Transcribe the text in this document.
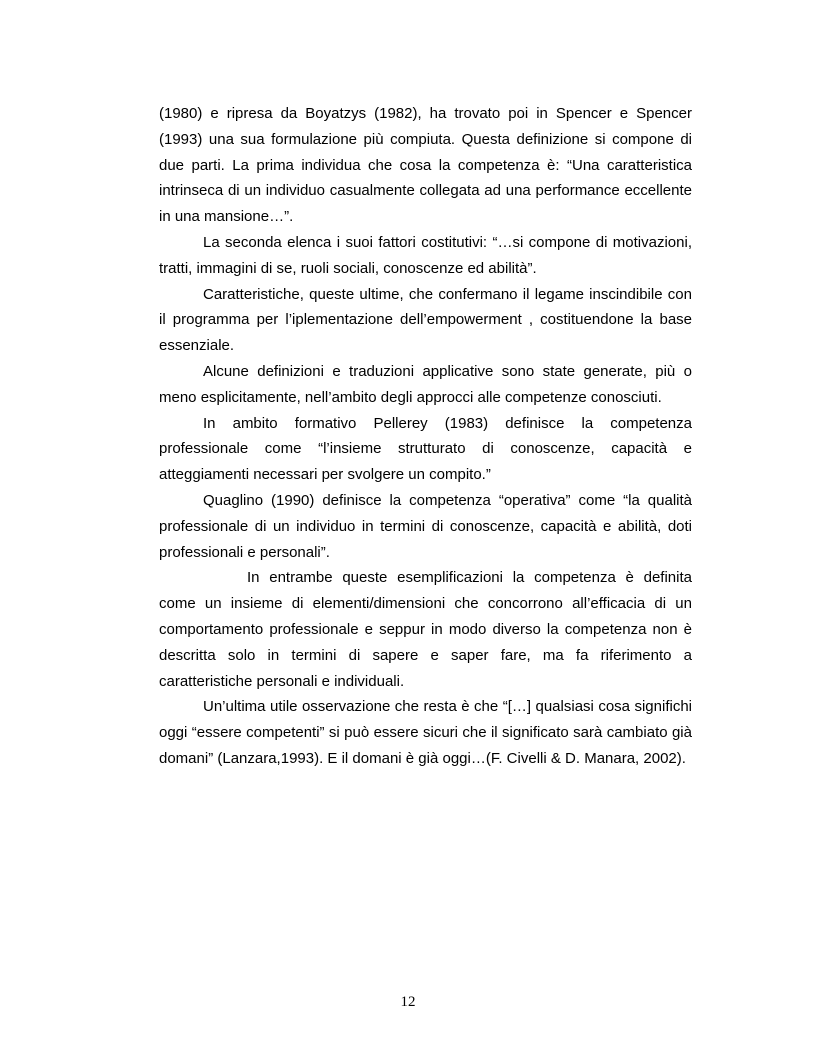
(1980) e ripresa da Boyatzys (1982), ha trovato poi in Spencer e Spencer (1993) una sua formulazione più compiuta. Questa definizione si compone di due parti. La prima individua che cosa la competenza è: “Una caratteristica intrinseca di un individuo casualmente collegata ad una performance eccellente in una mansione…”.

La seconda elenca i suoi fattori costitutivi: “…si compone di motivazioni, tratti, immagini di se, ruoli sociali, conoscenze ed abilità”.

Caratteristiche, queste ultime, che confermano il legame inscindibile con il programma per l’iplementazione dell’empowerment , costituendone la base essenziale.

Alcune definizioni e traduzioni applicative sono state generate, più o meno esplicitamente, nell’ambito degli approcci alle competenze conosciuti.

In ambito formativo Pellerey (1983) definisce la competenza professionale come “l’insieme strutturato di conoscenze, capacità e atteggiamenti necessari per svolgere un compito.”

Quaglino (1990) definisce la competenza “operativa” come “la qualità professionale di un individuo in termini di conoscenze, capacità e abilità, doti professionali e personali”.

In entrambe queste esemplificazioni la competenza è definita come un insieme di elementi/dimensioni che concorrono all’efficacia di un comportamento professionale e seppur in modo diverso la competenza non è descritta solo in termini di sapere e saper fare, ma fa riferimento a caratteristiche personali e individuali.

Un’ultima utile osservazione che resta è che “[…] qualsiasi cosa significhi oggi “essere competenti” si può essere sicuri che il significato sarà cambiato già domani” (Lanzara,1993). E il domani è già oggi…(F. Civelli & D. Manara, 2002).

12
